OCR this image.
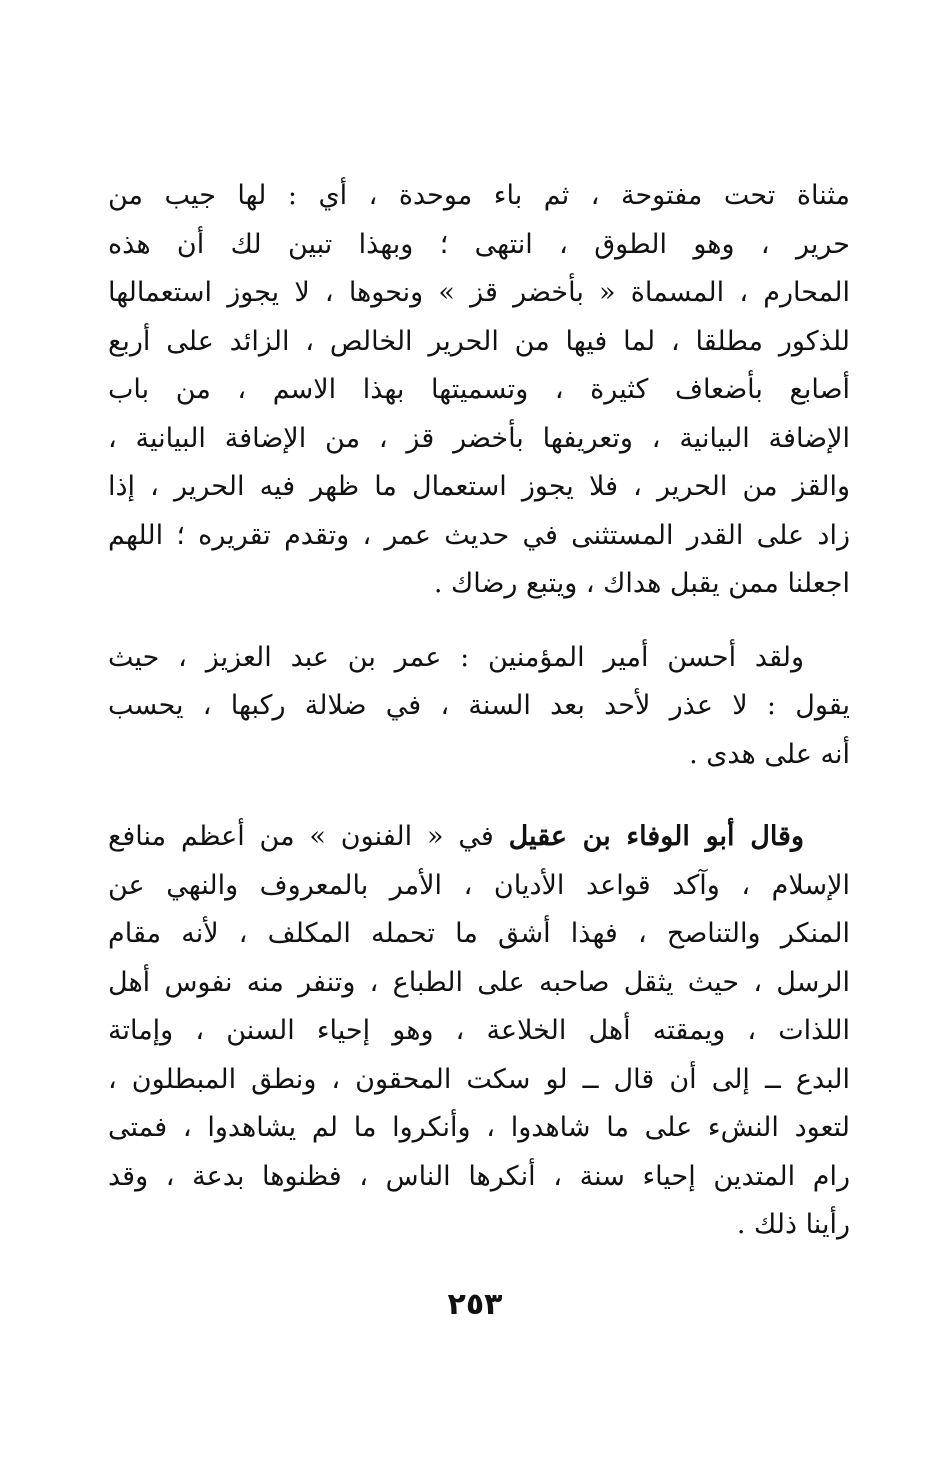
مثناة تحت مفتوحة ، ثم باء موحدة ، أي : لها جيب من
حرير ، وهو الطوق ، انتهى ؛ وبهذا تبين لك أن هذه
المحارم ، المسماة « بأخضر قز » ونحوها ، لا يجوز استعمالها
للذكور مطلقا ، لما فيها من الحرير الخالص ، الزائد على أربع
أصابع بأضعاف كثيرة ، وتسميتها بهذا الاسم ، من باب
الإضافة البيانية ، وتعريفها بأخضر قز ، من الإضافة البيانية ،
والقز من الحرير ، فلا يجوز استعمال ما ظهر فيه الحرير ، إذا
زاد على القدر المستثنى في حديث عمر ، وتقدم تقريره ؛ اللهم
اجعلنا ممن يقبل هداك ، ويتبع رضاك .
ولقد أحسن أمير المؤمنين : عمر بن عبد العزيز ، حيث
يقول : لا عذر لأحد بعد السنة ، في ضلالة ركبها ، يحسب
أنه على هدى .
وقال أبو الوفاء بن عقيل في « الفنون » من أعظم منافع
الإسلام ، وآكد قواعد الأديان ، الأمر بالمعروف والنهي عن
المنكر والتناصح ، فهذا أشق ما تحمله المكلف ، لأنه مقام
الرسل ، حيث يثقل صاحبه على الطباع ، وتنفر منه نفوس أهل
اللذات ، ويمقته أهل الخلاعة ، وهو إحياء السنن ، وإماتة
البدع ــ إلى أن قال ــ لو سكت المحقون ، ونطق المبطلون ،
لتعود النشء على ما شاهدوا ، وأنكروا ما لم يشاهدوا ، فمتى
رام المتدين إحياء سنة ، أنكرها الناس ، فظنوها بدعة ، وقد
رأينا ذلك .
٢٥٣
